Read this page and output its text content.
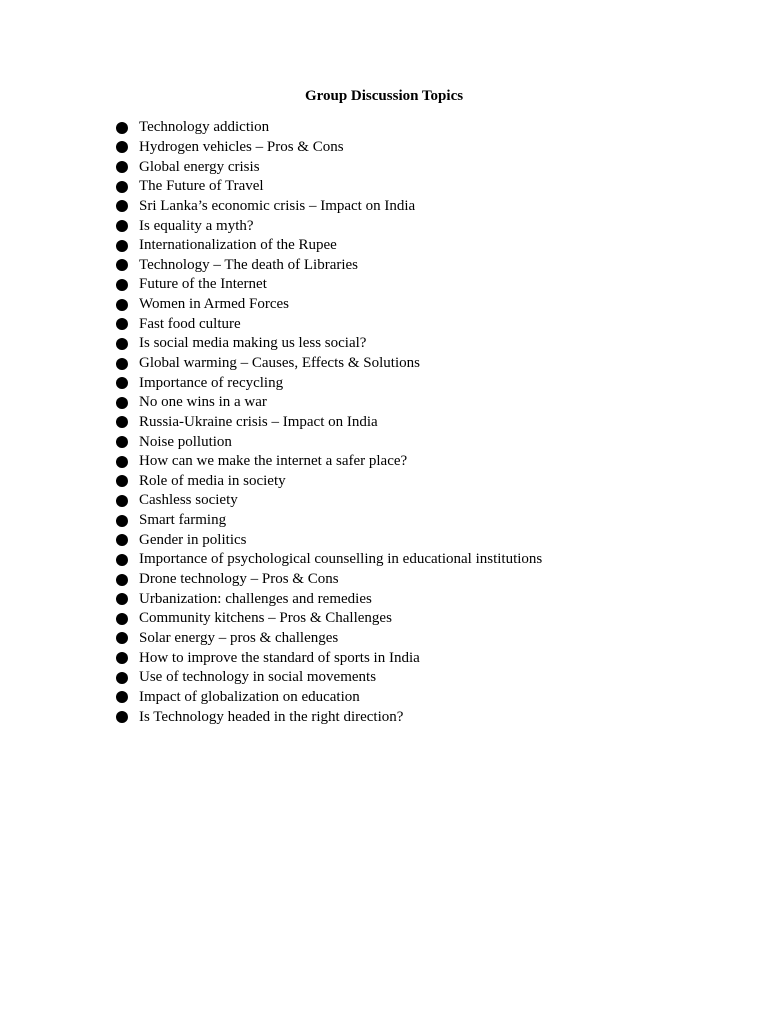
Group Discussion Topics
Technology addiction
Hydrogen vehicles – Pros & Cons
Global energy crisis
The Future of Travel
Sri Lanka’s economic crisis – Impact on India
Is equality a myth?
Internationalization of the Rupee
Technology – The death of Libraries
Future of the Internet
Women in Armed Forces
Fast food culture
Is social media making us less social?
Global warming – Causes, Effects & Solutions
Importance of recycling
No one wins in a war
Russia-Ukraine crisis – Impact on India
Noise pollution
How can we make the internet a safer place?
Role of media in society
Cashless society
Smart farming
Gender in politics
Importance of psychological counselling in educational institutions
Drone technology – Pros & Cons
Urbanization: challenges and remedies
Community kitchens – Pros & Challenges
Solar energy – pros & challenges
How to improve the standard of sports in India
Use of technology in social movements
Impact of globalization on education
Is Technology headed in the right direction?
